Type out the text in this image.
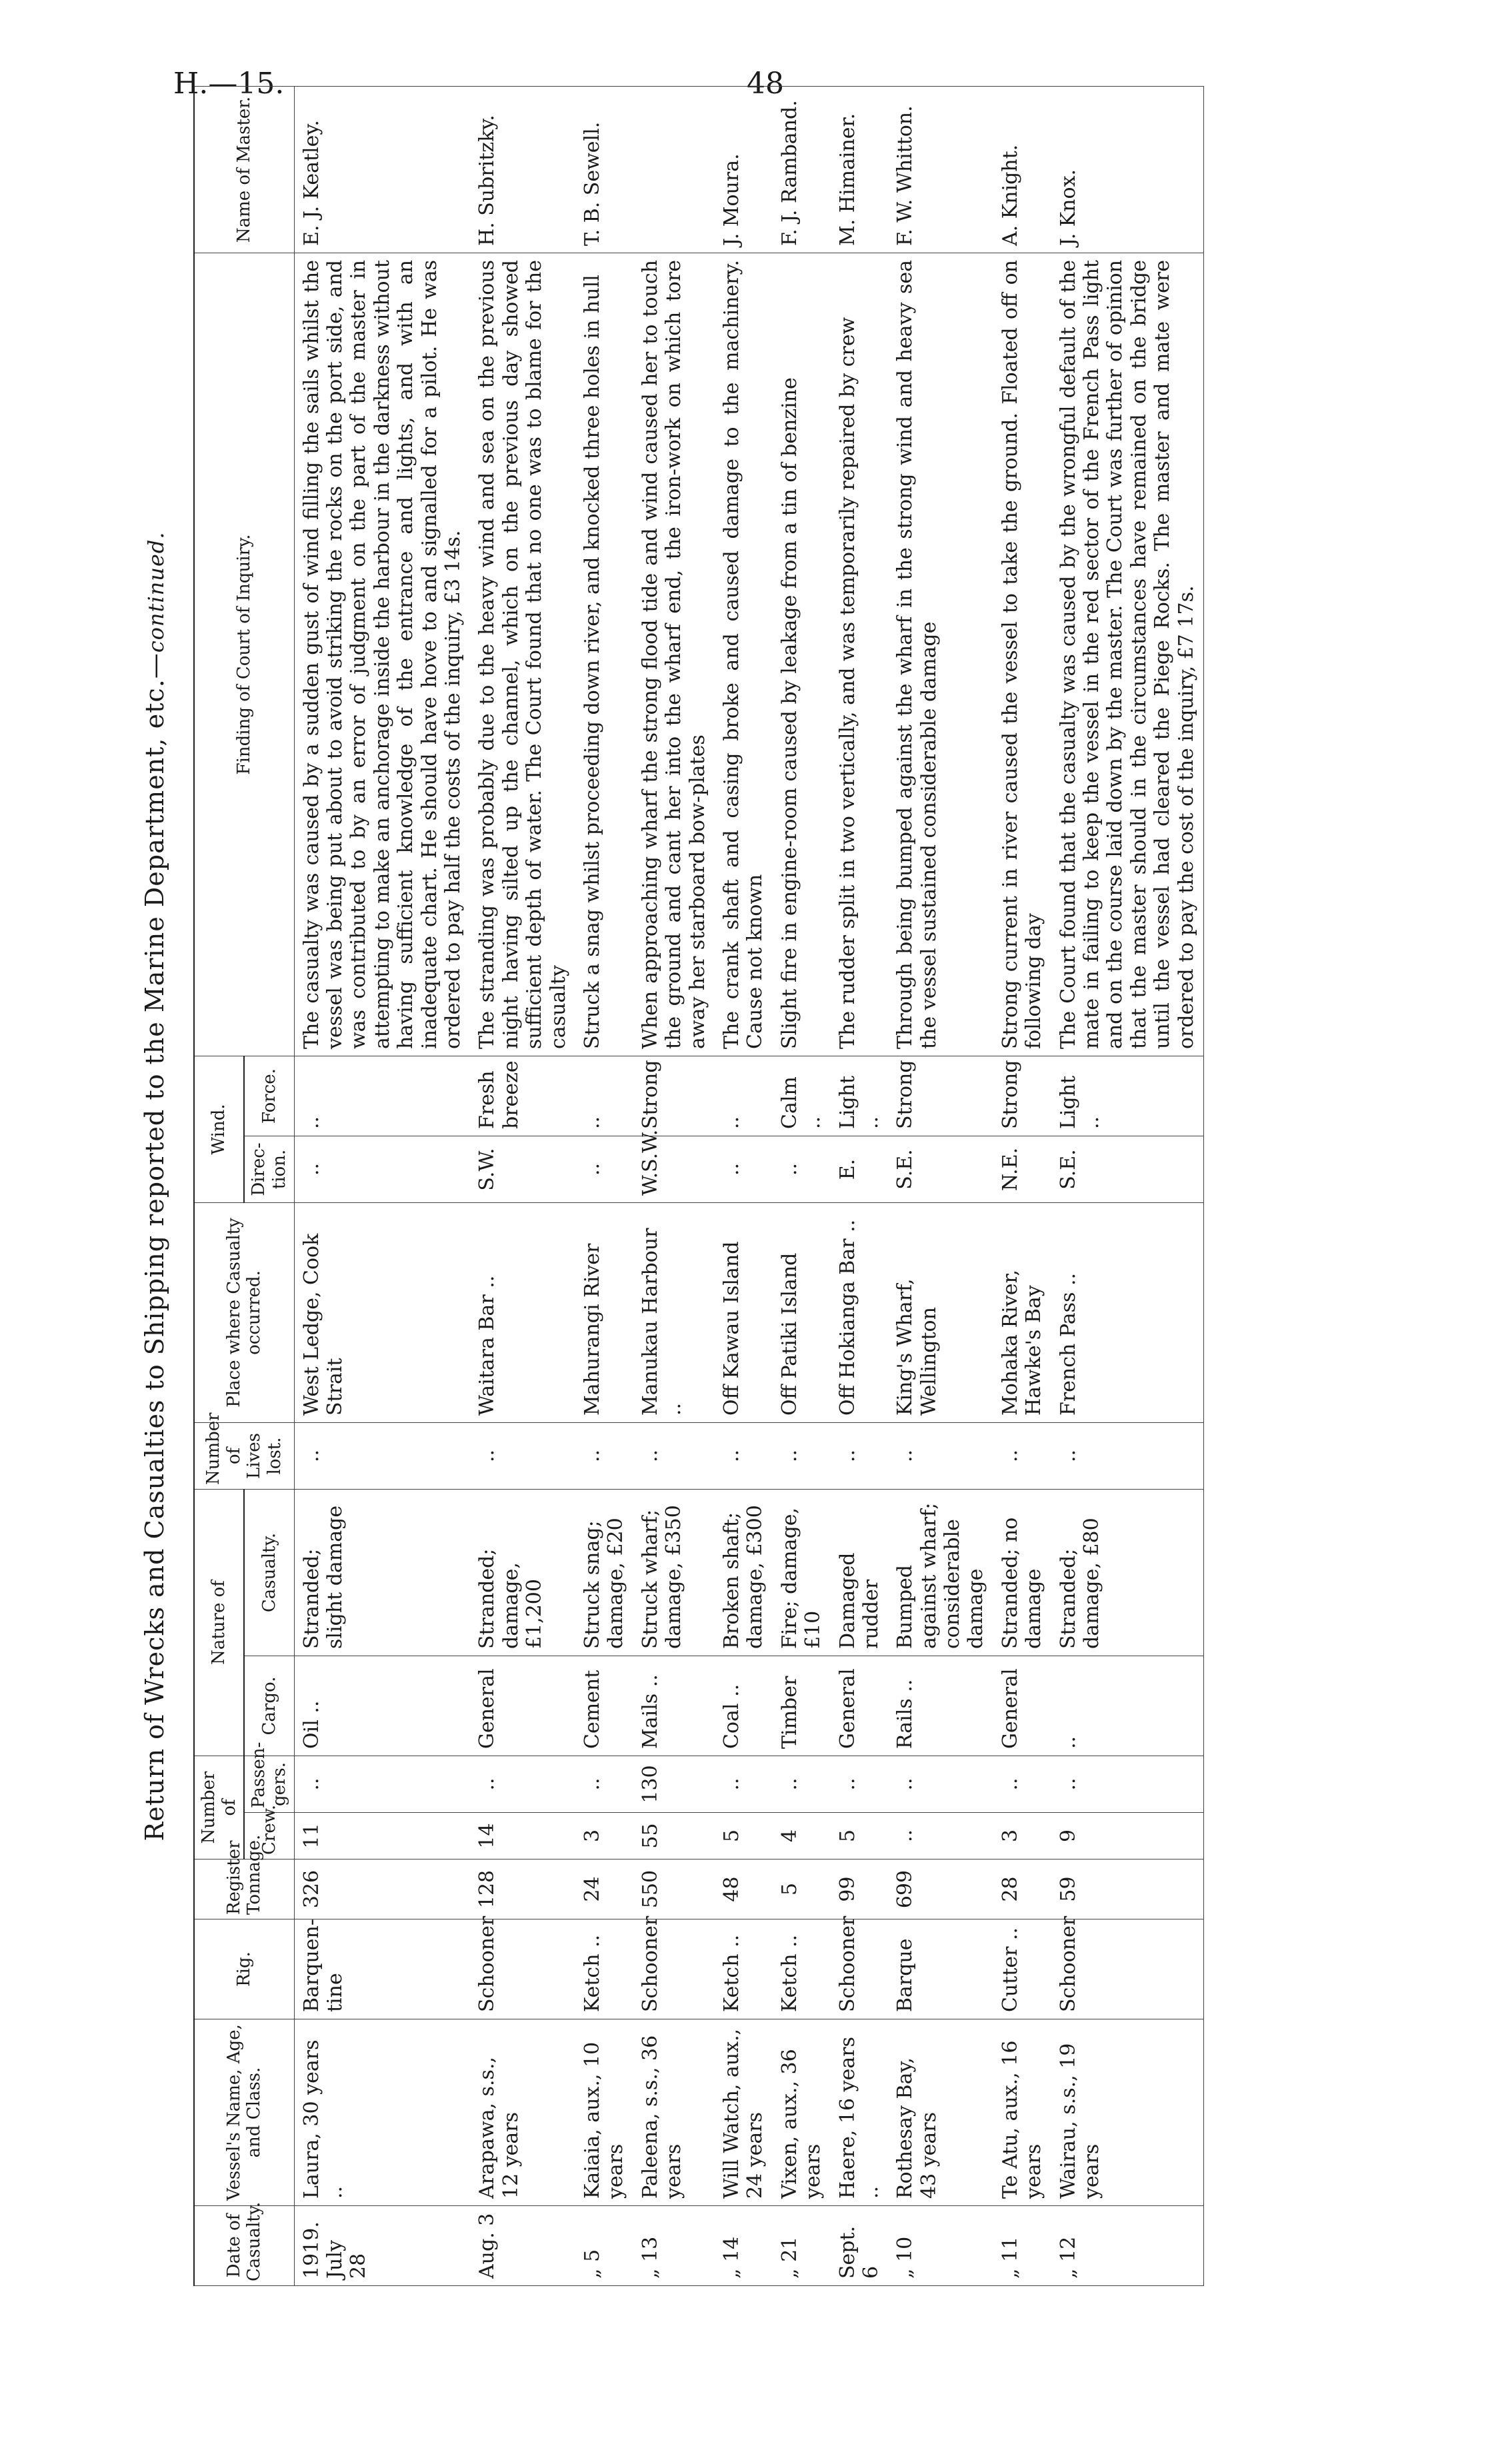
H.—15.	48
Return of Wrecks and Casualties to Shipping reported to the Marine Department, etc.—continued.
Date of Casualty.	Vessel's Name, Age, and Class.	Rig.	Register Tonnage.	Number of		Nature of		Number of Lives lost.	Place where Casualty occurred.	Wind.		Finding of Court of Inquiry.	Name of Master.
				Crew.	Passen-gers.	Cargo.	Casualty.			Direc-tion.	Force.		
1919. July 28	Laura, 30 years ..	Barquen-tine	326	11	..	Oil ..	Stranded; slight damage	..	West Ledge, Cook Strait	..	..	The casualty was caused by a sudden gust of wind filling the sails whilst the vessel was being put about to avoid striking the rocks on the port side, and was contributed to by an error of judgment on the part of the master in attempting to make an anchorage inside the harbour in the darkness without having sufficient knowledge of the entrance and lights, and with an inadequate chart. He should have hove to and signalled for a pilot. He was ordered to pay half the costs of the inquiry, £3 14s.	E. J. Keatley.
Aug. 3	Arapawa, s.s., 12 years	Schooner	128	14	..	General	Stranded; damage, £1,200	..	Waitara Bar ..	S.W.	Fresh breeze	The stranding was probably due to the heavy wind and sea on the previous night having silted up the channel, which on the previous day showed sufficient depth of water. The Court found that no one was to blame for the casualty	H. Subritzky.
„ 5	Kaiaia, aux., 10 years	Ketch ..	24	3	..	Cement	Struck snag; damage, £20	..	Mahurangi River	..	..	Struck a snag whilst proceeding down river, and knocked three holes in hull	T. B. Sewell.
„ 13	Paleena, s.s., 36 years	Schooner	550	55	130	Mails ..	Struck wharf; damage, £350	..	Manukau Harbour ..	W.S.W.	Strong	When approaching wharf the strong flood tide and wind caused her to touch the ground and cant her into the wharf end, the iron-work on which tore away her starboard bow-plates	
„ 14	Will Watch, aux., 24 years	Ketch ..	48	5	..	Coal ..	Broken shaft; damage, £300	..	Off Kawau Island	..	..	The crank shaft and casing broke and caused damage to the machinery. Cause not known	J. Moura.
„ 21	Vixen, aux., 36 years	Ketch ..	5	4	..	Timber	Fire; damage, £10	..	Off Patiki Island	..	Calm ..	Slight fire in engine-room caused by leakage from a tin of benzine	F. J. Ramband.
Sept. 6	Haere, 16 years ..	Schooner	99	5	..	General	Damaged rudder	..	Off Hokianga Bar ..	E.	Light ..	The rudder split in two vertically, and was temporarily repaired by crew	M. Himainer.
„ 10	Rothesay Bay, 43 years	Barque	699	..	..	Rails ..	Bumped against wharf; considerable damage	..	King's Wharf, Wellington	S.E.	Strong	Through being bumped against the wharf in the strong wind and heavy sea the vessel sustained considerable damage	F. W. Whitton.
„ 11	Te Atu, aux., 16 years	Cutter ..	28	3	..	General	Stranded; no damage	..	Mohaka River, Hawke's Bay	N.E.	Strong	Strong current in river caused the vessel to take the ground. Floated off on following day	A. Knight.
„ 12	Wairau, s.s., 19 years	Schooner	59	9	..	..	Stranded; damage, £80	..	French Pass ..	S.E.	Light ..	The Court found that the casualty was caused by the wrongful default of the mate in failing to keep the vessel in the red sector of the French Pass light and on the course laid down by the master. The Court was further of opinion that the master should in the circumstances have remained on the bridge until the vessel had cleared the Piege Rocks. The master and mate were ordered to pay the cost of the inquiry, £7 17s.	J. Knox.
